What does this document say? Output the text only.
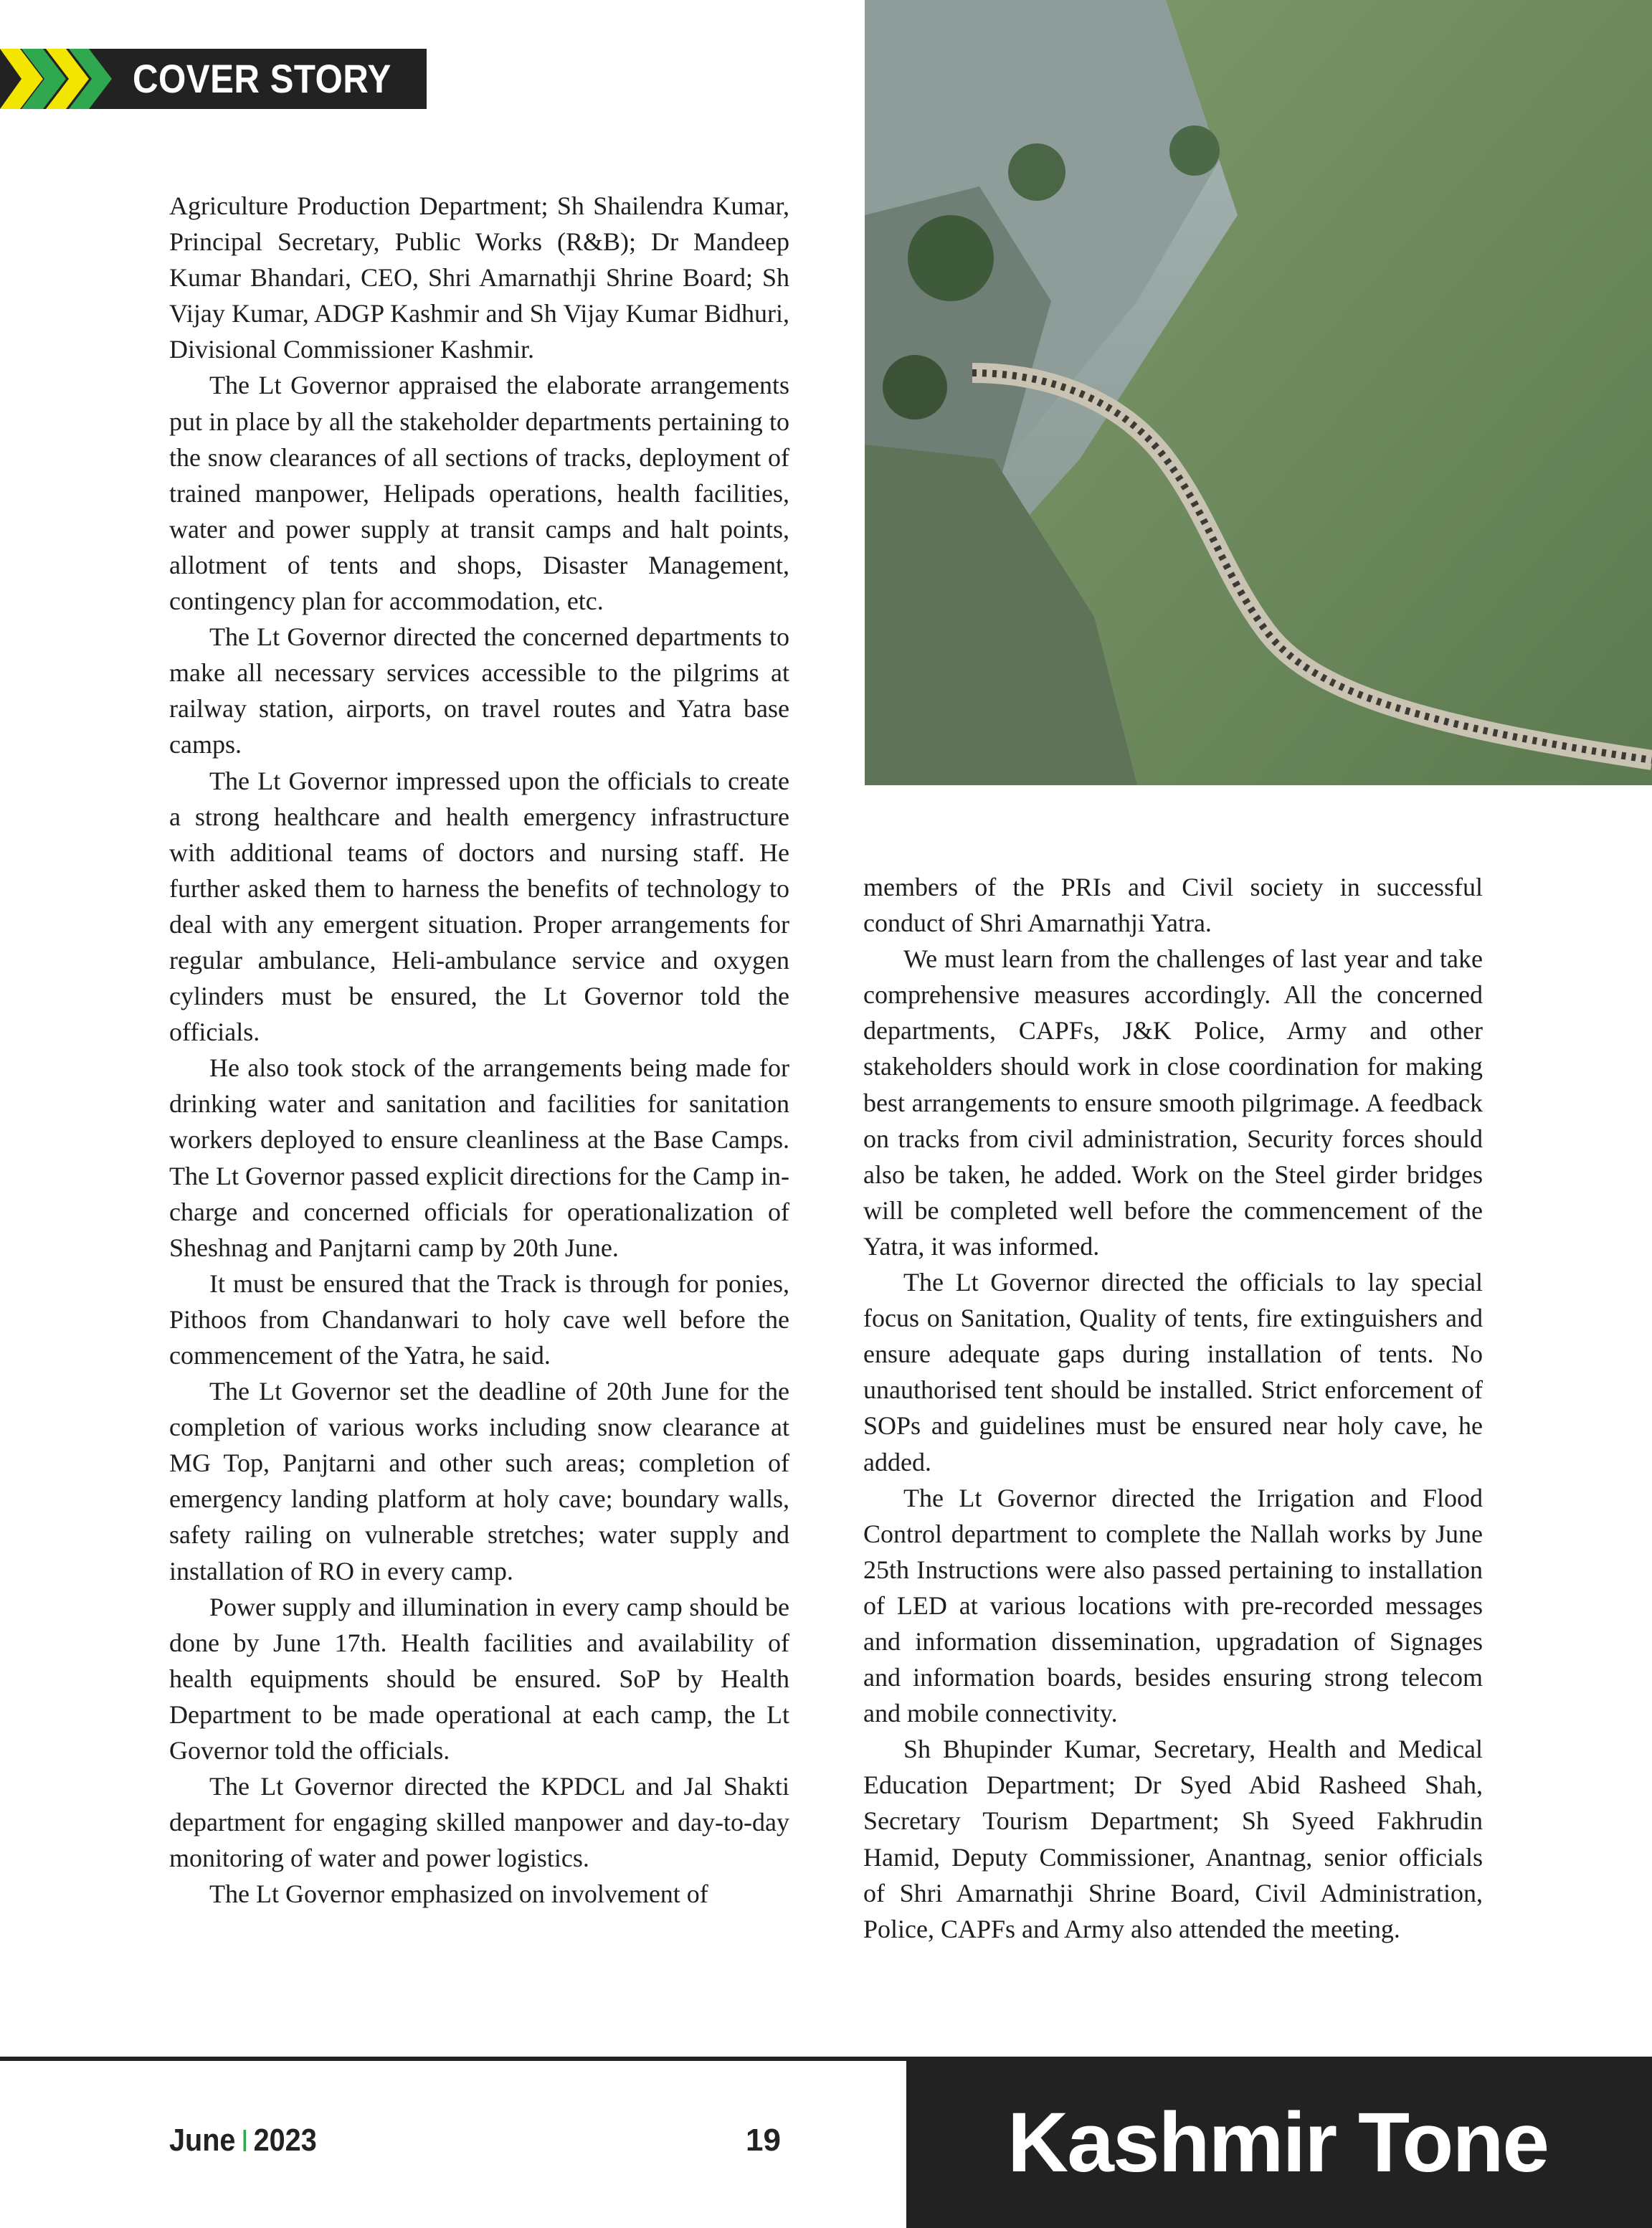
COVER STORY

Agriculture Production Department; Sh Shailendra Kumar, Principal Secretary, Public Works (R&B); Dr Mandeep Kumar Bhandari, CEO, Shri Amarnathji Shrine Board; Sh Vijay Kumar, ADGP Kashmir and Sh Vijay Kumar Bidhuri, Divisional Commissioner Kashmir.

The Lt Governor appraised the elaborate arrangements put in place by all the stakeholder departments pertaining to the snow clearances of all sections of tracks, deployment of trained manpower, Helipads operations, health facilities, water and power supply at transit camps and halt points, allotment of tents and shops, Disaster Management, contingency plan for accommodation, etc.

The Lt Governor directed the concerned departments to make all necessary services accessible to the pilgrims at railway station, airports, on travel routes and Yatra base camps.

The Lt Governor impressed upon the officials to create a strong healthcare and health emergency infrastructure with additional teams of doctors and nursing staff. He further asked them to harness the benefits of technology to deal with any emergent situation. Proper arrangements for regular ambulance, Heli-ambulance service and oxygen cylinders must be ensured, the Lt Governor told the officials.

He also took stock of the arrangements being made for drinking water and sanitation and facilities for sanitation workers deployed to ensure cleanliness at the Base Camps. The Lt Governor passed explicit directions for the Camp in-charge and concerned officials for operationalization of Sheshnag and Panjtarni camp by 20th June.

It must be ensured that the Track is through for ponies, Pithoos from Chandanwari to holy cave well before the commencement of the Yatra, he said.

The Lt Governor set the deadline of 20th June for the completion of various works including snow clearance at MG Top, Panjtarni and other such areas; completion of emergency landing platform at holy cave; boundary walls, safety railing on vulnerable stretches; water supply and installation of RO in every camp.

Power supply and illumination in every camp should be done by June 17th. Health facilities and availability of health equipments should be ensured. SoP by Health Department to be made operational at each camp, the Lt Governor told the officials.

The Lt Governor directed the KPDCL and Jal Shakti department for engaging skilled manpower and day-to-day monitoring of water and power logistics.

The Lt Governor emphasized on involvement of

members of the PRIs and Civil society in successful conduct of Shri Amarnathji Yatra.

We must learn from the challenges of last year and take comprehensive measures accordingly. All the concerned departments, CAPFs, J&K Police, Army and other stakeholders should work in close coordination for making best arrangements to ensure smooth pilgrimage. A feedback on tracks from civil administration, Security forces should also be taken, he added. Work on the Steel girder bridges will be completed well before the commencement of the Yatra, it was informed.

The Lt Governor directed the officials to lay special focus on Sanitation, Quality of tents, fire extinguishers and ensure adequate gaps during installation of tents. No unauthorised tent should be installed. Strict enforcement of SOPs and guidelines must be ensured near holy cave, he added.

The Lt Governor directed the Irrigation and Flood Control department to complete the Nallah works by June 25th Instructions were also passed pertaining to installation of LED at various locations with pre-recorded messages and information dissemination, upgradation of Signages and information boards, besides ensuring strong telecom and mobile connectivity.

Sh Bhupinder Kumar, Secretary, Health and Medical Education Department; Dr Syed Abid Rasheed Shah, Secretary Tourism Department; Sh Syeed Fakhrudin Hamid, Deputy Commissioner, Anantnag, senior officials of Shri Amarnathji Shrine Board, Civil Administration, Police, CAPFs and Army also attended the meeting.

June 2023	19	Kashmir Tone
